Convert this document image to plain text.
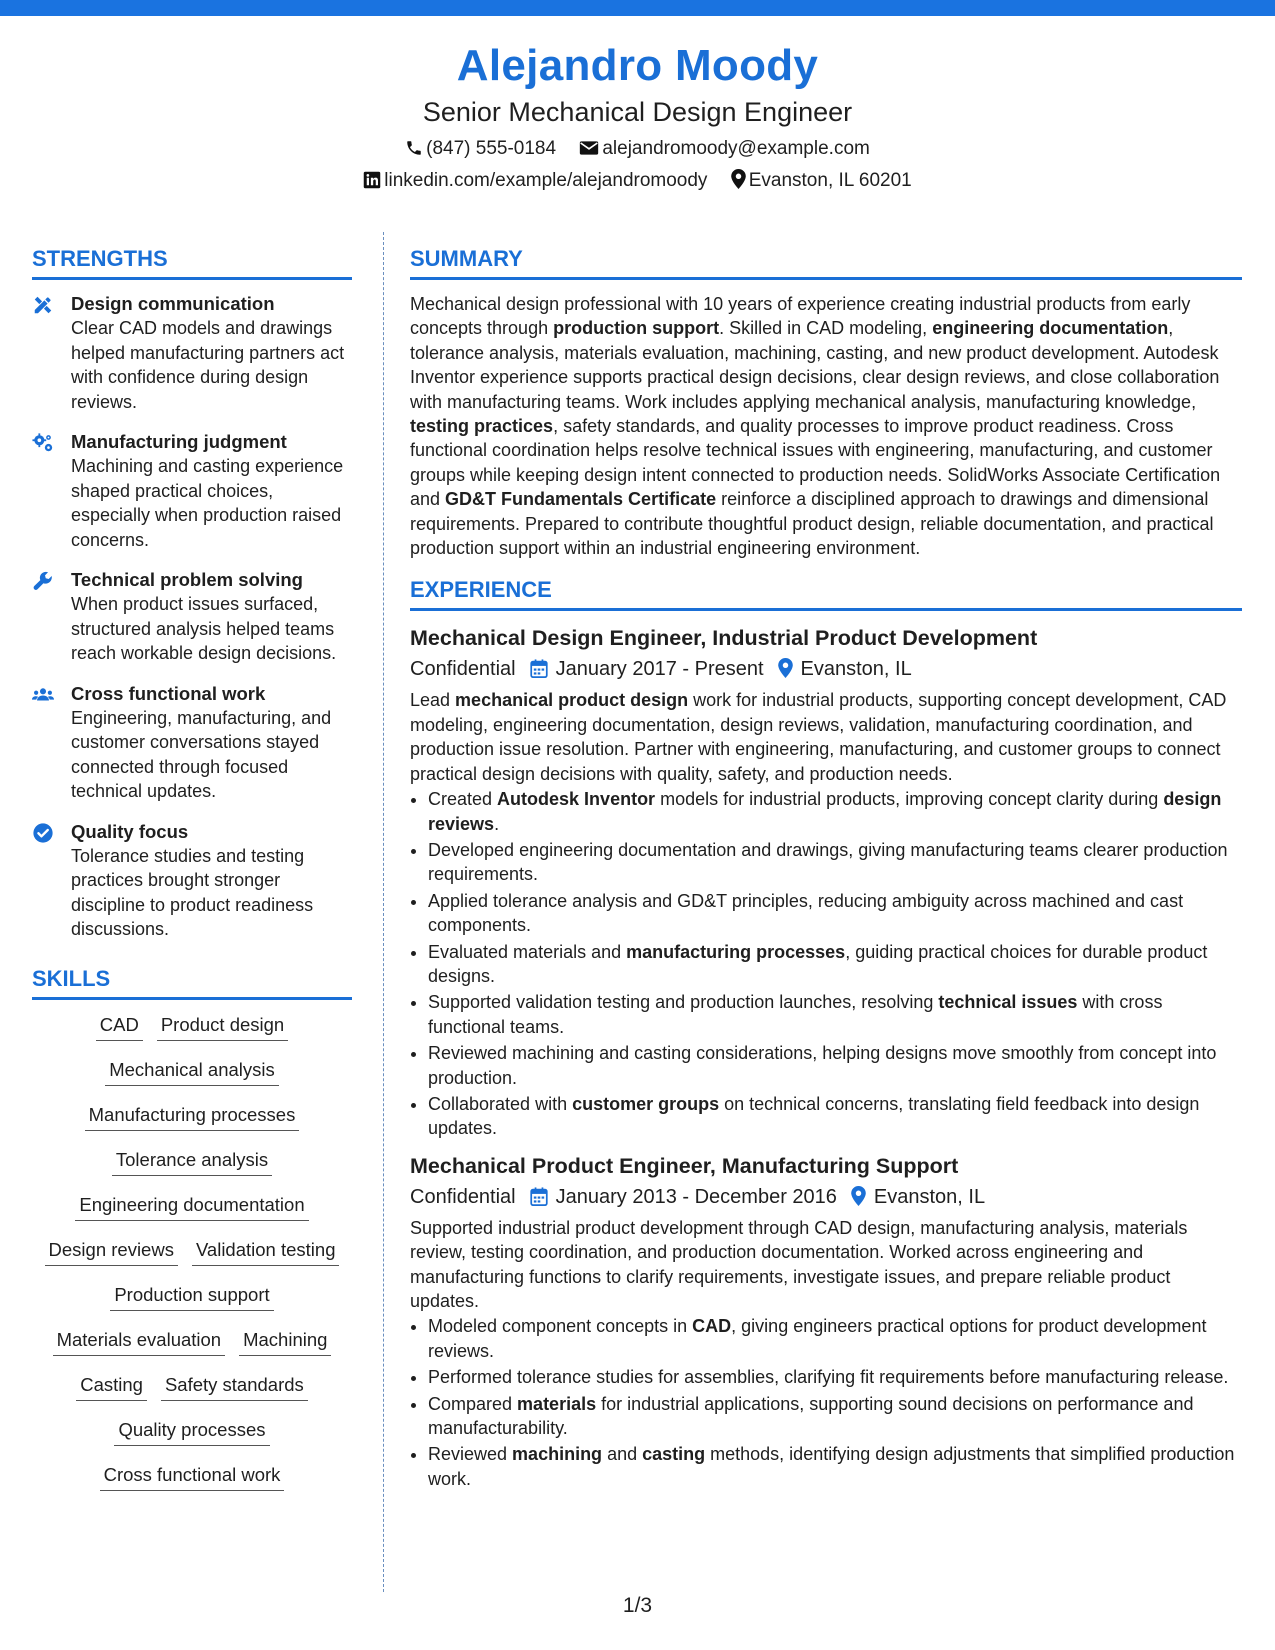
Alejandro Moody
Senior Mechanical Design Engineer
(847) 555-0184 alejandromoody@example.com
linkedin.com/example/alejandromoody Evanston, IL 60201
STRENGTHS
Design communication
Clear CAD models and drawings helped manufacturing partners act with confidence during design reviews.
Manufacturing judgment
Machining and casting experience shaped practical choices, especially when production raised concerns.
Technical problem solving
When product issues surfaced, structured analysis helped teams reach workable design decisions.
Cross functional work
Engineering, manufacturing, and customer conversations stayed connected through focused technical updates.
Quality focus
Tolerance studies and testing practices brought stronger discipline to product readiness discussions.
SKILLS
CAD Product design
Mechanical analysis
Manufacturing processes
Tolerance analysis
Engineering documentation
Design reviews Validation testing
Production support
Materials evaluation Machining
Casting Safety standards
Quality processes
Cross functional work
SUMMARY

Mechanical design professional with 10 years of experience creating industrial products from early concepts through production support. Skilled in CAD modeling, engineering documentation, tolerance analysis, materials evaluation, machining, casting, and new product development. Autodesk Inventor experience supports practical design decisions, clear design reviews, and close collaboration with manufacturing teams. Work includes applying mechanical analysis, manufacturing knowledge, testing practices, safety standards, and quality processes to improve product readiness. Cross functional coordination helps resolve technical issues with engineering, manufacturing, and customer groups while keeping design intent connected to production needs. SolidWorks Associate Certification and GD&T Fundamentals Certificate reinforce a disciplined approach to drawings and dimensional requirements. Prepared to contribute thoughtful product design, reliable documentation, and practical production support within an industrial engineering environment.

EXPERIENCE
Mechanical Design Engineer, Industrial Product Development
Confidential January 2017 - Present Evanston, IL
Lead mechanical product design work for industrial products, supporting concept development, CAD modeling, engineering documentation, design reviews, validation, manufacturing coordination, and production issue resolution. Partner with engineering, manufacturing, and customer groups to connect practical design decisions with quality, safety, and production needs.
• Created Autodesk Inventor models for industrial products, improving concept clarity during design reviews.
• Developed engineering documentation and drawings, giving manufacturing teams clearer production requirements.
• Applied tolerance analysis and GD&T principles, reducing ambiguity across machined and cast components.
• Evaluated materials and manufacturing processes, guiding practical choices for durable product designs.
• Supported validation testing and production launches, resolving technical issues with cross functional teams.
• Reviewed machining and casting considerations, helping designs move smoothly from concept into production.
• Collaborated with customer groups on technical concerns, translating field feedback into design updates.
Mechanical Product Engineer, Manufacturing Support
Confidential January 2013 - December 2016 Evanston, IL
Supported industrial product development through CAD design, manufacturing analysis, materials review, testing coordination, and production documentation. Worked across engineering and manufacturing functions to clarify requirements, investigate issues, and prepare reliable product updates.
• Modeled component concepts in CAD, giving engineers practical options for product development reviews.
• Performed tolerance studies for assemblies, clarifying fit requirements before manufacturing release.
• Compared materials for industrial applications, supporting sound decisions on performance and manufacturability.
• Reviewed machining and casting methods, identifying design adjustments that simplified production work.
1/3
